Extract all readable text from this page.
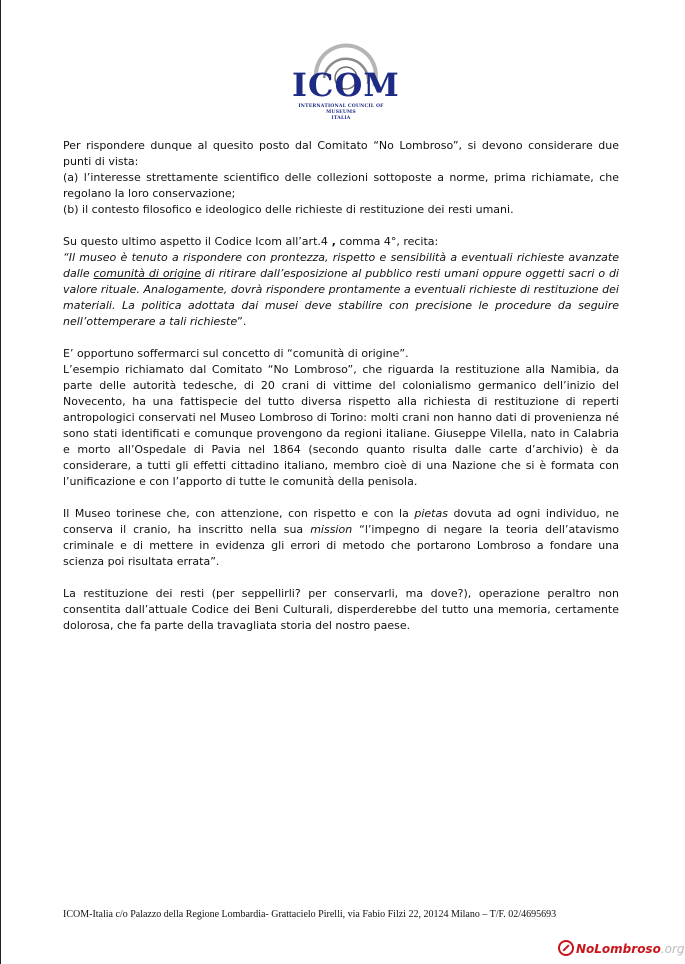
ICOM
INTERNATIONAL COUNCIL OF MUSEUMS
ITALIA

Per rispondere dunque al quesito posto dal Comitato “No Lombroso”, si devono considerare due punti di vista:

(a) l’interesse strettamente scientifico delle collezioni sottoposte a norme, prima richiamate, che regolano la loro conservazione;

(b) il contesto filosofico e ideologico delle richieste di restituzione dei resti umani.

Su questo ultimo aspetto il Codice Icom all’art.4 , comma 4°, recita:

“Il museo è tenuto a rispondere con prontezza, rispetto e sensibilità a eventuali richieste avanzate dalle comunità di origine di ritirare dall’esposizione al pubblico resti umani oppure oggetti sacri o di valore rituale. Analogamente, dovrà rispondere prontamente a eventuali richieste di restituzione dei materiali. La politica adottata dai musei deve stabilire con precisione le procedure da seguire nell’ottemperare a tali richieste”.

E’ opportuno soffermarci sul concetto di “comunità di origine”.

L’esempio richiamato dal Comitato “No Lombroso”, che riguarda la restituzione alla Namibia, da parte delle autorità tedesche, di 20 crani di vittime del colonialismo germanico dell’inizio del Novecento, ha una fattispecie del tutto diversa rispetto alla richiesta di restituzione di reperti antropologici conservati nel Museo Lombroso di Torino: molti crani non hanno dati di provenienza né sono stati identificati e comunque provengono da regioni italiane. Giuseppe Vilella, nato in Calabria e morto all’Ospedale di Pavia nel 1864 (secondo quanto risulta dalle carte d’archivio) è da considerare, a tutti gli effetti cittadino italiano, membro cioè di una Nazione che si è formata con l’unificazione e con l’apporto di tutte le comunità della penisola.

Il Museo torinese che, con attenzione, con rispetto e con la pietas dovuta ad ogni individuo, ne conserva il cranio, ha inscritto nella sua mission “l’impegno di negare la teoria dell’atavismo criminale e di mettere in evidenza gli errori di metodo che portarono Lombroso a fondare una scienza poi risultata errata”.

La restituzione dei resti (per seppellirli? per conservarli, ma dove?), operazione peraltro non consentita dall’attuale Codice dei Beni Culturali, disperderebbe del tutto una memoria, certamente dolorosa, che fa parte della travagliata storia del nostro paese.

ICOM-Italia c/o Palazzo della Regione Lombardia- Grattacielo Pirelli, via Fabio Filzi 22, 20124 Milano – T/F. 02/4695693
NoLombroso.org
